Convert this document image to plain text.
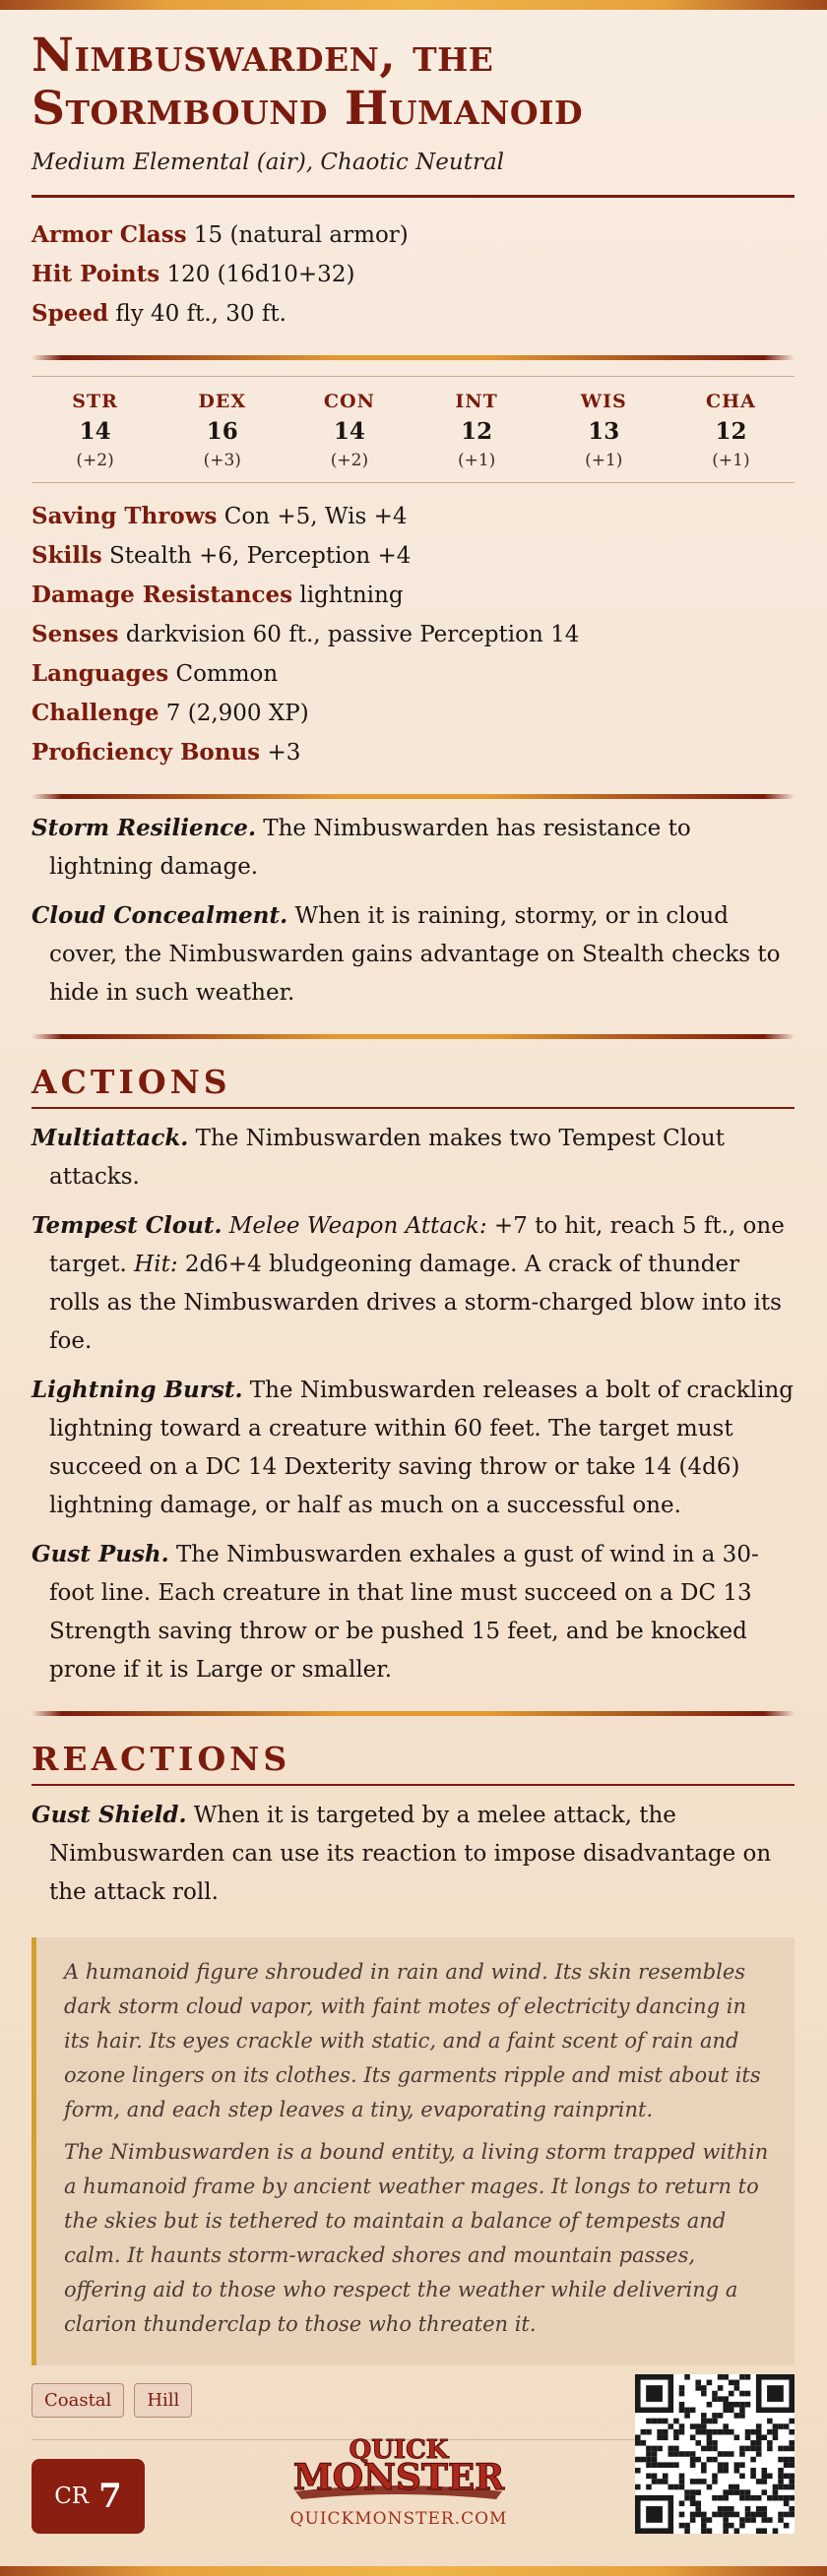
Nimbuswarden, the
Stormbound Humanoid
Medium Elemental (air), Chaotic Neutral
Armor Class 15 (natural armor)
Hit Points 120 (16d10+32)
Speed fly 40 ft., 30 ft.
STR
14
(+2)
DEX
16
(+3)
CON
14
(+2)
INT
12
(+1)
WIS
13
(+1)
CHA
12
(+1)
Saving Throws Con +5, Wis +4
Skills Stealth +6, Perception +4
Damage Resistances lightning
Senses darkvision 60 ft., passive Perception 14
Languages Common
Challenge 7 (2,900 XP)
Proficiency Bonus +3
Storm Resilience. The Nimbuswarden has resistance to lightning damage.
Cloud Concealment. When it is raining, stormy, or in cloud cover, the Nimbuswarden gains advantage on Stealth checks to hide in such weather.
ACTIONS
Multiattack. The Nimbuswarden makes two Tempest Clout attacks.
Tempest Clout. Melee Weapon Attack: +7 to hit, reach 5 ft., one target. Hit: 2d6+4 bludgeoning damage. A crack of thunder rolls as the Nimbuswarden drives a storm-charged blow into its foe.
Lightning Burst. The Nimbuswarden releases a bolt of crackling lightning toward a creature within 60 feet. The target must succeed on a DC 14 Dexterity saving throw or take 14 (4d6) lightning damage, or half as much on a successful one.
Gust Push. The Nimbuswarden exhales a gust of wind in a 30-foot line. Each creature in that line must succeed on a DC 13 Strength saving throw or be pushed 15 feet, and be knocked prone if it is Large or smaller.
REACTIONS
Gust Shield. When it is targeted by a melee attack, the Nimbuswarden can use its reaction to impose disadvantage on the attack roll.

A humanoid figure shrouded in rain and wind. Its skin resembles dark storm cloud vapor, with faint motes of electricity dancing in its hair. Its eyes crackle with static, and a faint scent of rain and ozone lingers on its clothes. Its garments ripple and mist about its form, and each step leaves a tiny, evaporating rainprint.

The Nimbuswarden is a bound entity, a living storm trapped within a humanoid frame by ancient weather mages. It longs to return to the skies but is tethered to maintain a balance of tempests and calm. It haunts storm-wracked shores and mountain passes, offering aid to those who respect the weather while delivering a clarion thunderclap to those who threaten it.

Coastal	Hill
CR 7
QUICK
MONSTER
QUICKMONSTER.COM
